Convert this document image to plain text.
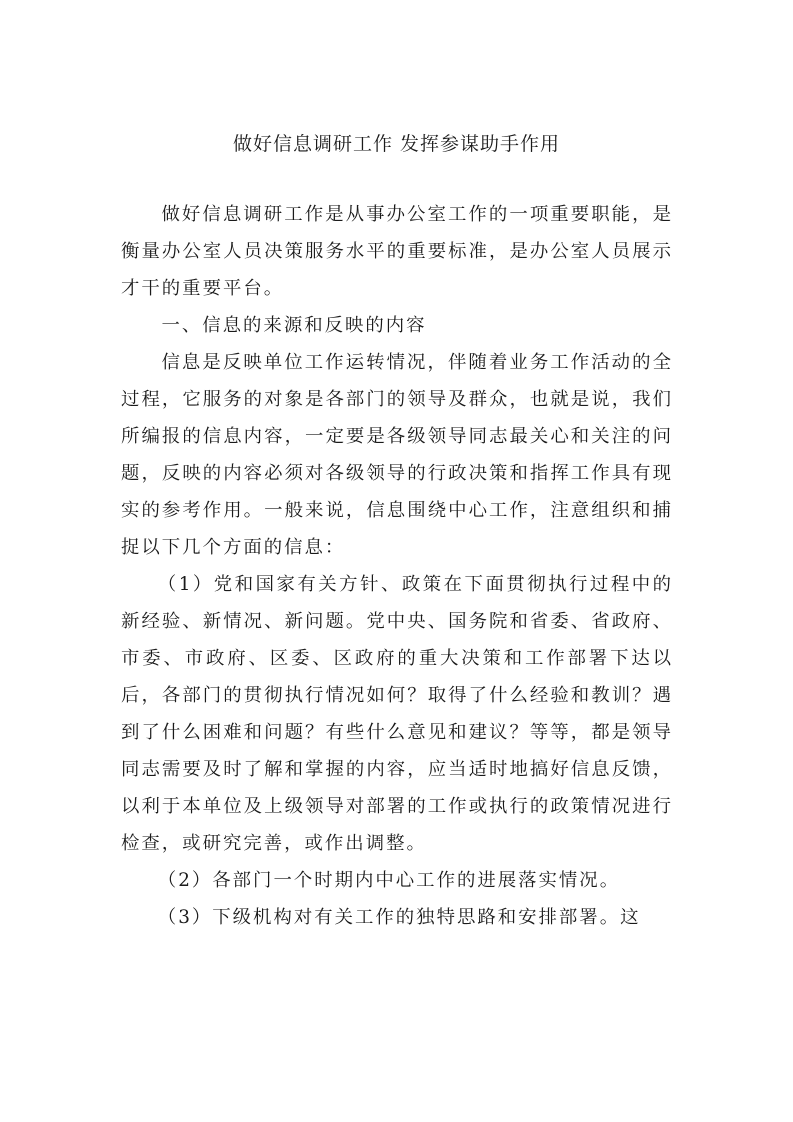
做好信息调研工作 发挥参谋助手作用

做好信息调研工作是从事办公室工作的一项重要职能，是衡量办公室人员决策服务水平的重要标准，是办公室人员展示才干的重要平台。

一、信息的来源和反映的内容

信息是反映单位工作运转情况，伴随着业务工作活动的全过程，它服务的对象是各部门的领导及群众，也就是说，我们所编报的信息内容，一定要是各级领导同志最关心和关注的问题，反映的内容必须对各级领导的行政决策和指挥工作具有现实的参考作用。一般来说，信息围绕中心工作，注意组织和捕捉以下几个方面的信息：

（1）党和国家有关方针、政策在下面贯彻执行过程中的新经验、新情况、新问题。党中央、国务院和省委、省政府、市委、市政府、区委、区政府的重大决策和工作部署下达以后，各部门的贯彻执行情况如何？取得了什么经验和教训？遇到了什么困难和问题？有些什么意见和建议？等等，都是领导同志需要及时了解和掌握的内容，应当适时地搞好信息反馈，以利于本单位及上级领导对部署的工作或执行的政策情况进行检查，或研究完善，或作出调整。

（2）各部门一个时期内中心工作的进展落实情况。

（3）下级机构对有关工作的独特思路和安排部署。这
